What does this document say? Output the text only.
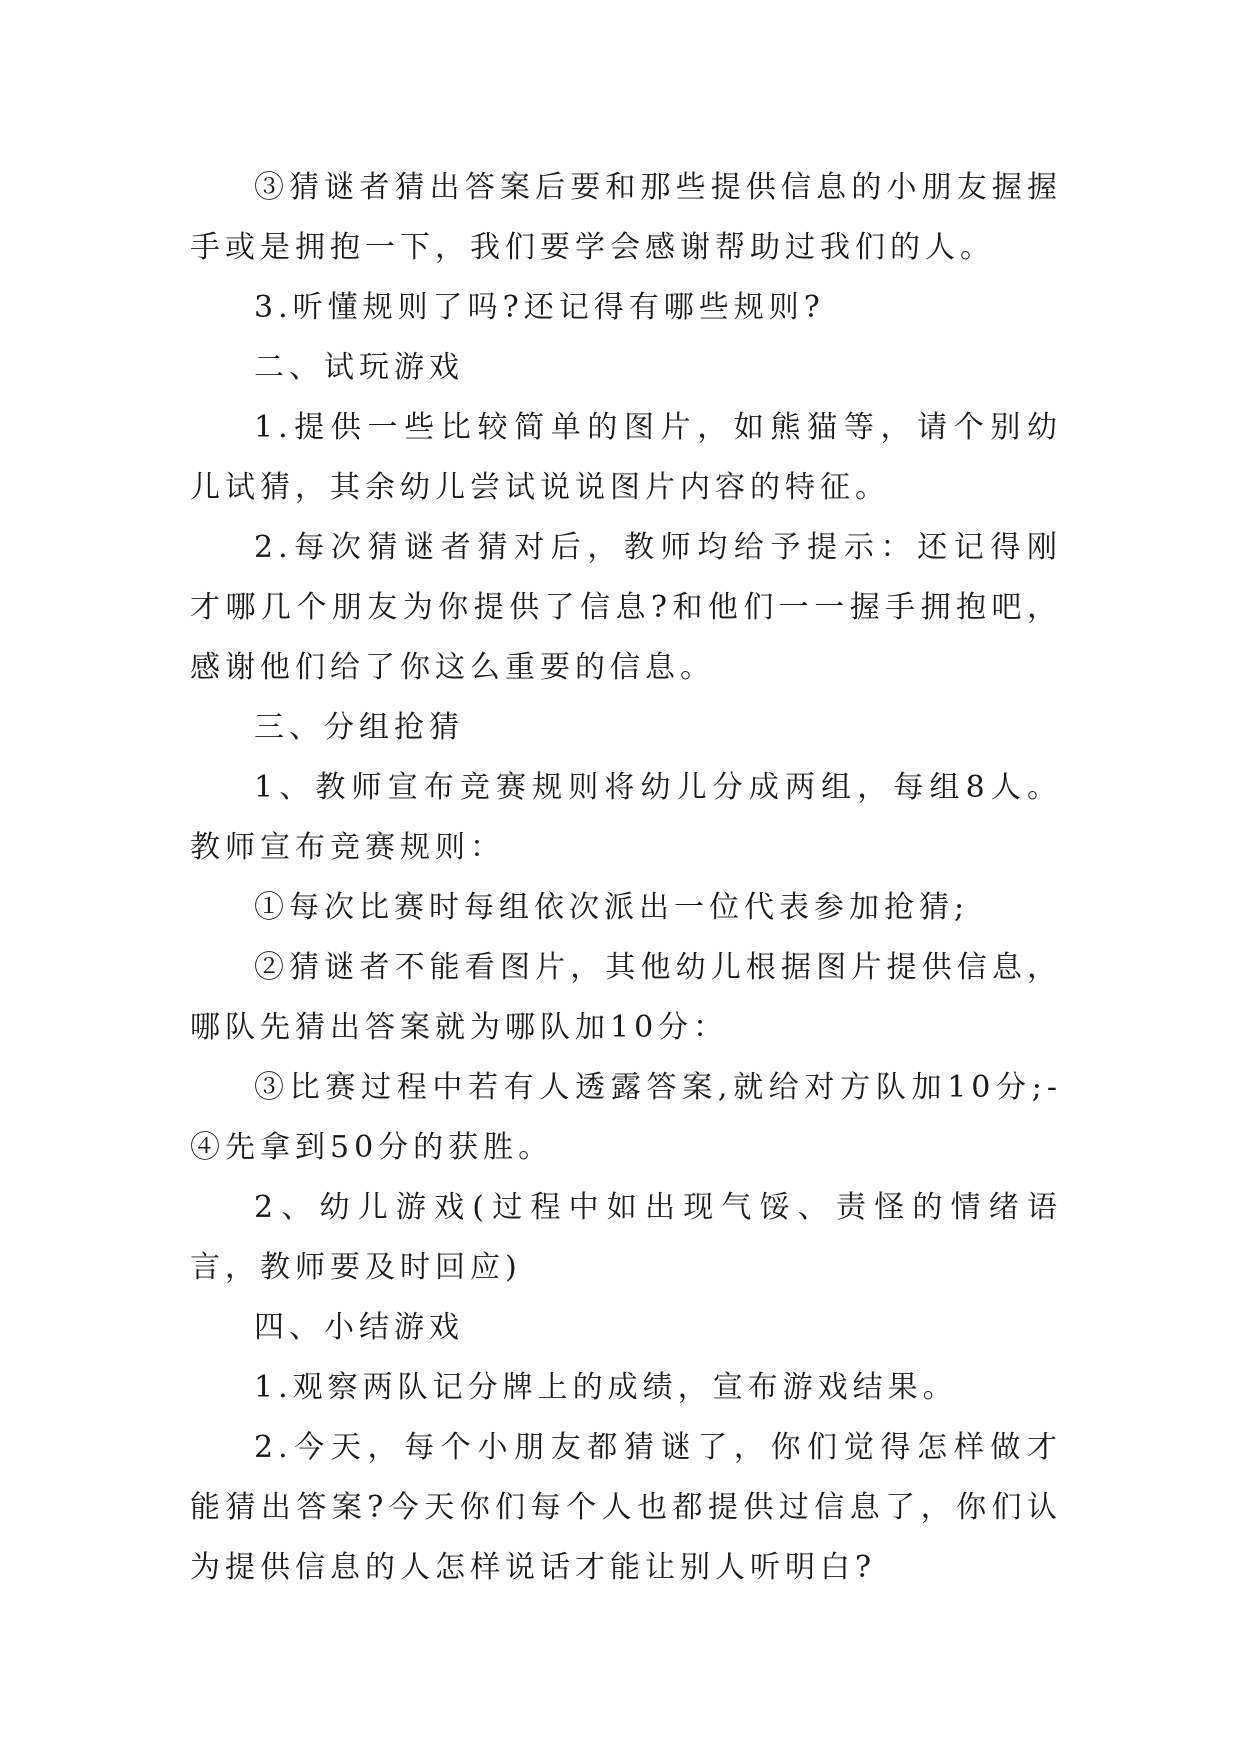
③猜谜者猜出答案后要和那些提供信息的小朋友握握手或是拥抱一下，我们要学会感谢帮助过我们的人。

3.听懂规则了吗?还记得有哪些规则?

二、试玩游戏

1.提供一些比较简单的图片，如熊猫等，请个别幼儿试猜，其余幼儿尝试说说图片内容的特征。

2.每次猜谜者猜对后，教师均给予提示：还记得刚才哪几个朋友为你提供了信息?和他们一一握手拥抱吧，感谢他们给了你这么重要的信息。

三、分组抢猜

1、教师宣布竞赛规则将幼儿分成两组，每组8人。教师宣布竞赛规则：

①每次比赛时每组依次派出一位代表参加抢猜;

②猜谜者不能看图片，其他幼儿根据图片提供信息，哪队先猜出答案就为哪队加10分：

③比赛过程中若有人透露答案,就给对方队加10分;-④先拿到50分的获胜。

2、幼儿游戏(过程中如出现气馁、责怪的情绪语言，教师要及时回应)

四、小结游戏

1.观察两队记分牌上的成绩，宣布游戏结果。

2.今天，每个小朋友都猜谜了，你们觉得怎样做才能猜出答案?今天你们每个人也都提供过信息了，你们认为提供信息的人怎样说话才能让别人听明白?
